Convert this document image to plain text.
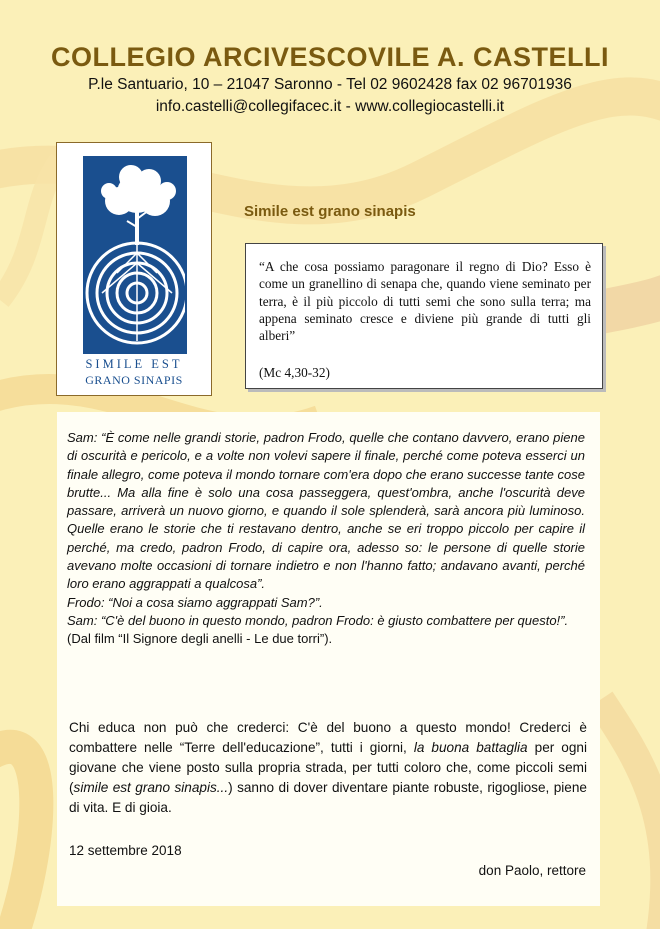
COLLEGIO ARCIVESCOVILE A. CASTELLI

P.le Santuario, 10 – 21047 Saronno - Tel 02 9602428 fax 02 96701936

info.castelli@collegifacec.it - www.collegiocastelli.it

SIMILE EST
GRANO SINAPIS
Simile est grano sinapis
“A che cosa possiamo paragonare il regno di Dio? Esso è come un granellino di senapa che, quando viene seminato per terra, è il più piccolo di tutti semi che sono sulla terra; ma appena seminato cresce e diviene più grande di tutti gli alberi”
(Mc 4,30-32)

Sam: “È come nelle grandi storie, padron Frodo, quelle che contano davvero, erano piene di oscurità e pericolo, e a volte non volevi sapere il finale, perché come poteva esserci un finale allegro, come poteva il mondo tornare com'era dopo che erano successe tante cose brutte... Ma alla fine è solo una cosa passeggera, quest'ombra, anche l'oscurità deve passare, arriverà un nuovo giorno, e quando il sole splenderà, sarà ancora più luminoso. Quelle erano le storie che ti restavano dentro, anche se eri troppo piccolo per capire il perché, ma credo, padron Frodo, di capire ora, adesso so: le persone di quelle storie avevano molte occasioni di tornare indietro e non l'hanno fatto; andavano avanti, perché loro erano aggrappati a qualcosa”.

Frodo: “Noi a cosa siamo aggrappati Sam?”.

Sam: “C'è del buono in questo mondo, padron Frodo: è giusto combattere per questo!”.

(Dal film “Il Signore degli anelli - Le due torri”).

Chi educa non può che crederci: C'è del buono a questo mondo! Crederci è combattere nelle “Terre dell'educazione”, tutti i giorni, la buona battaglia per ogni giovane che viene posto sulla propria strada, per tutti coloro che, come piccoli semi (simile est grano sinapis...) sanno di dover diventare piante robuste, rigogliose, piene di vita. E di gioia.

12 settembre 2018
don Paolo, rettore
